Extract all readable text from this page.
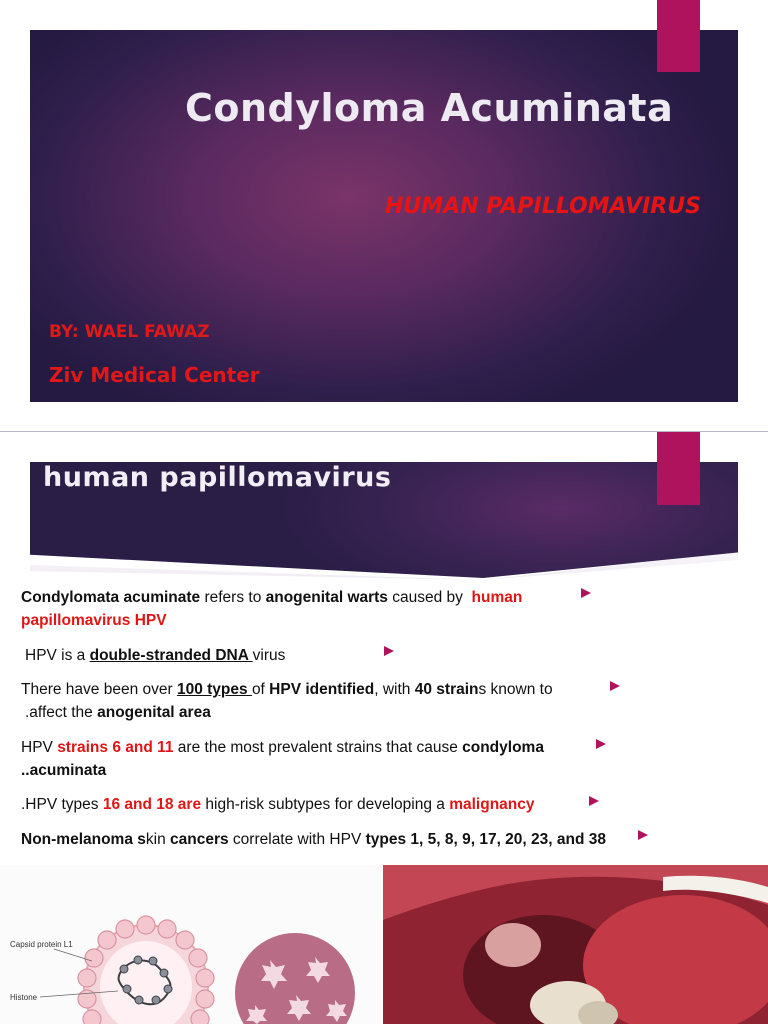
Condyloma Acuminata
HUMAN PAPILLOMAVIRUS
BY: WAEL FAWAZ
Ziv Medical Center
human papillomavirus
Condylomata acuminate refers to anogenital warts caused by  human
papillomavirus HPV
HPV is a double-stranded DNA virus
There have been over 100 types of HPV identified, with 40 strains known to
.affect the anogenital area
HPV strains 6 and 11 are the most prevalent strains that cause condyloma
..acuminata
.HPV types 16 and 18 are high-risk subtypes for developing a malignancy
Non-melanoma skin cancers correlate with HPV types 1, 5, 8, 9, 17, 20, 23, and 38
Capsid protein L1
Histone
